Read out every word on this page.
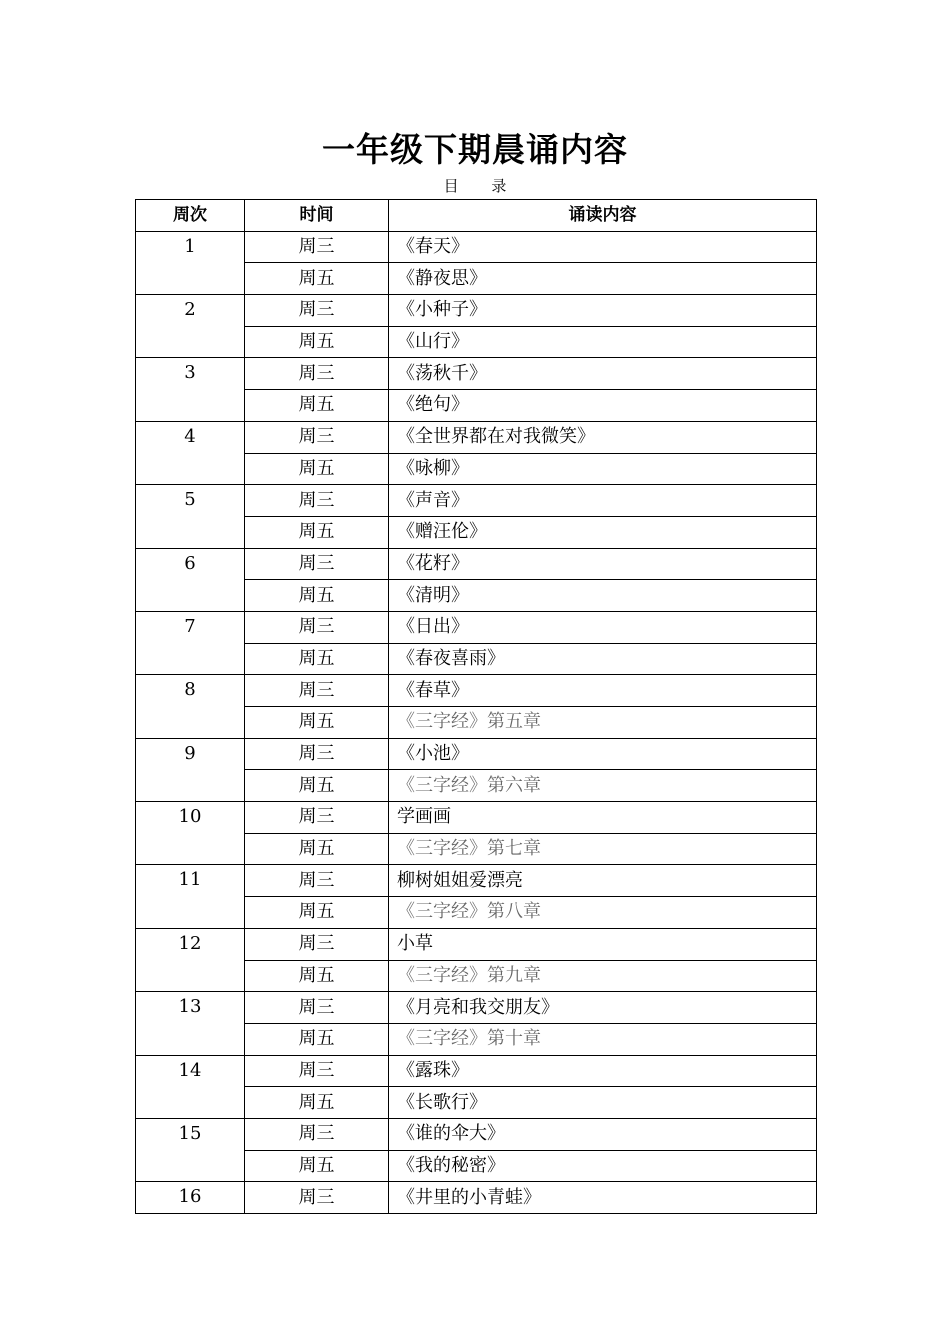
一年级下期晨诵内容
目 录
周次	时间	诵读内容
1	周三	《春天》
	周五	《静夜思》
2	周三	《小种子》
	周五	《山行》
3	周三	《荡秋千》
	周五	《绝句》
4	周三	《全世界都在对我微笑》
	周五	《咏柳》
5	周三	《声音》
	周五	《赠汪伦》
6	周三	《花籽》
	周五	《清明》
7	周三	《日出》
	周五	《春夜喜雨》
8	周三	《春草》
	周五	《三字经》第五章
9	周三	《小池》
	周五	《三字经》第六章
10	周三	学画画
	周五	《三字经》第七章
11	周三	柳树姐姐爱漂亮
	周五	《三字经》第八章
12	周三	小草
	周五	《三字经》第九章
13	周三	《月亮和我交朋友》
	周五	《三字经》第十章
14	周三	《露珠》
	周五	《长歌行》
15	周三	《谁的伞大》
	周五	《我的秘密》
16	周三	《井里的小青蛙》
